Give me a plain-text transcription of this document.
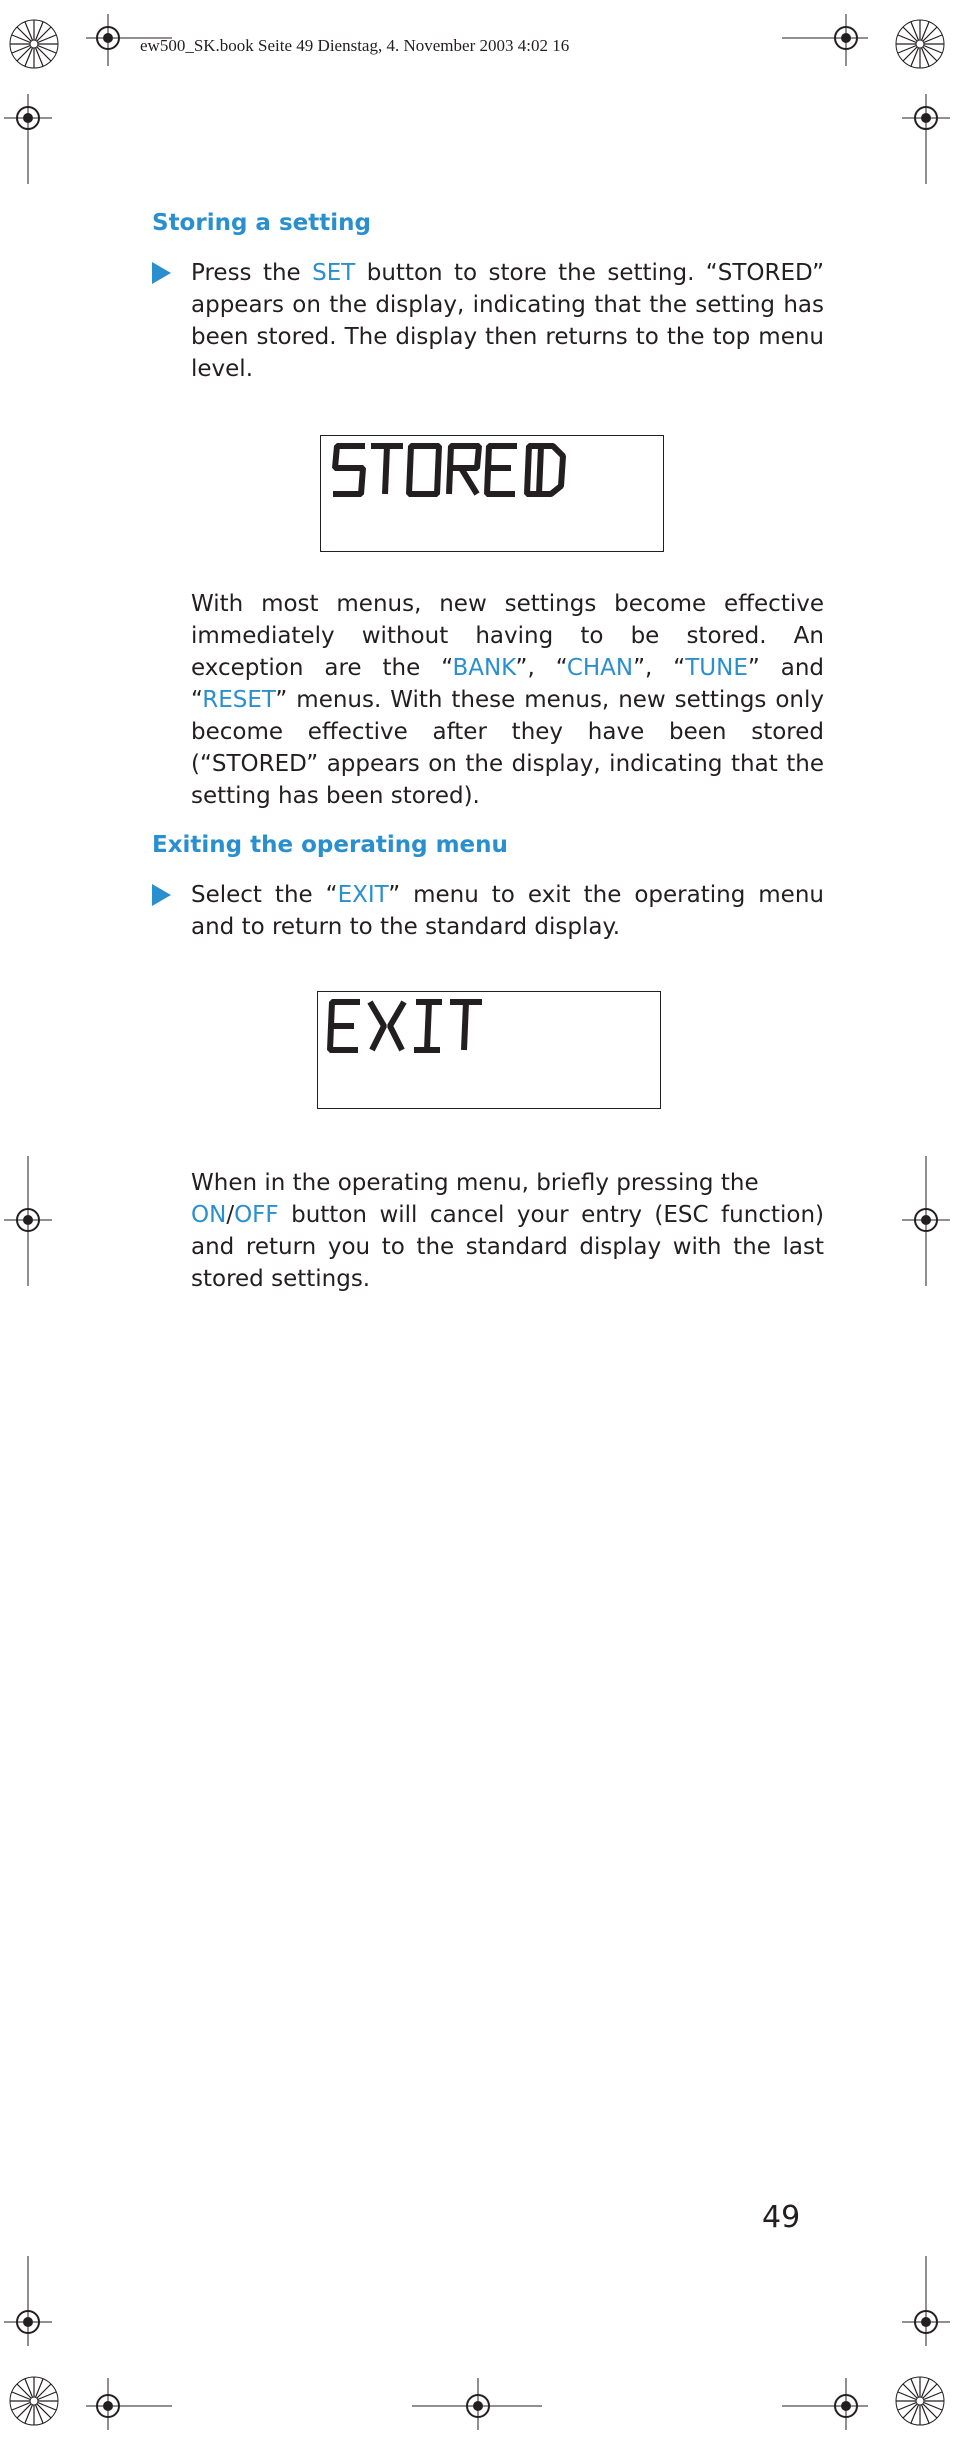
ew500_SK.book Seite 49 Dienstag, 4. November 2003 4:02 16
Storing a setting

Press the SET button to store the setting. “STORED” appears on the display, indicating that the setting has been stored. The display then returns to the top menu level.

With most menus, new settings become effective immediately without having to be stored. An exception are the “BANK”, “CHAN”, “TUNE” and “RESET” menus. With these menus, new settings only become effective after they have been stored (“STORED” appears on the display, indicating that the setting has been stored).

Exiting the operating menu

Select the “EXIT” menu to exit the operating menu and to return to the standard display.

When in the operating menu, briefly pressing the

ON/OFF button will cancel your entry (ESC function) and return you to the standard display with the last stored settings.

49
